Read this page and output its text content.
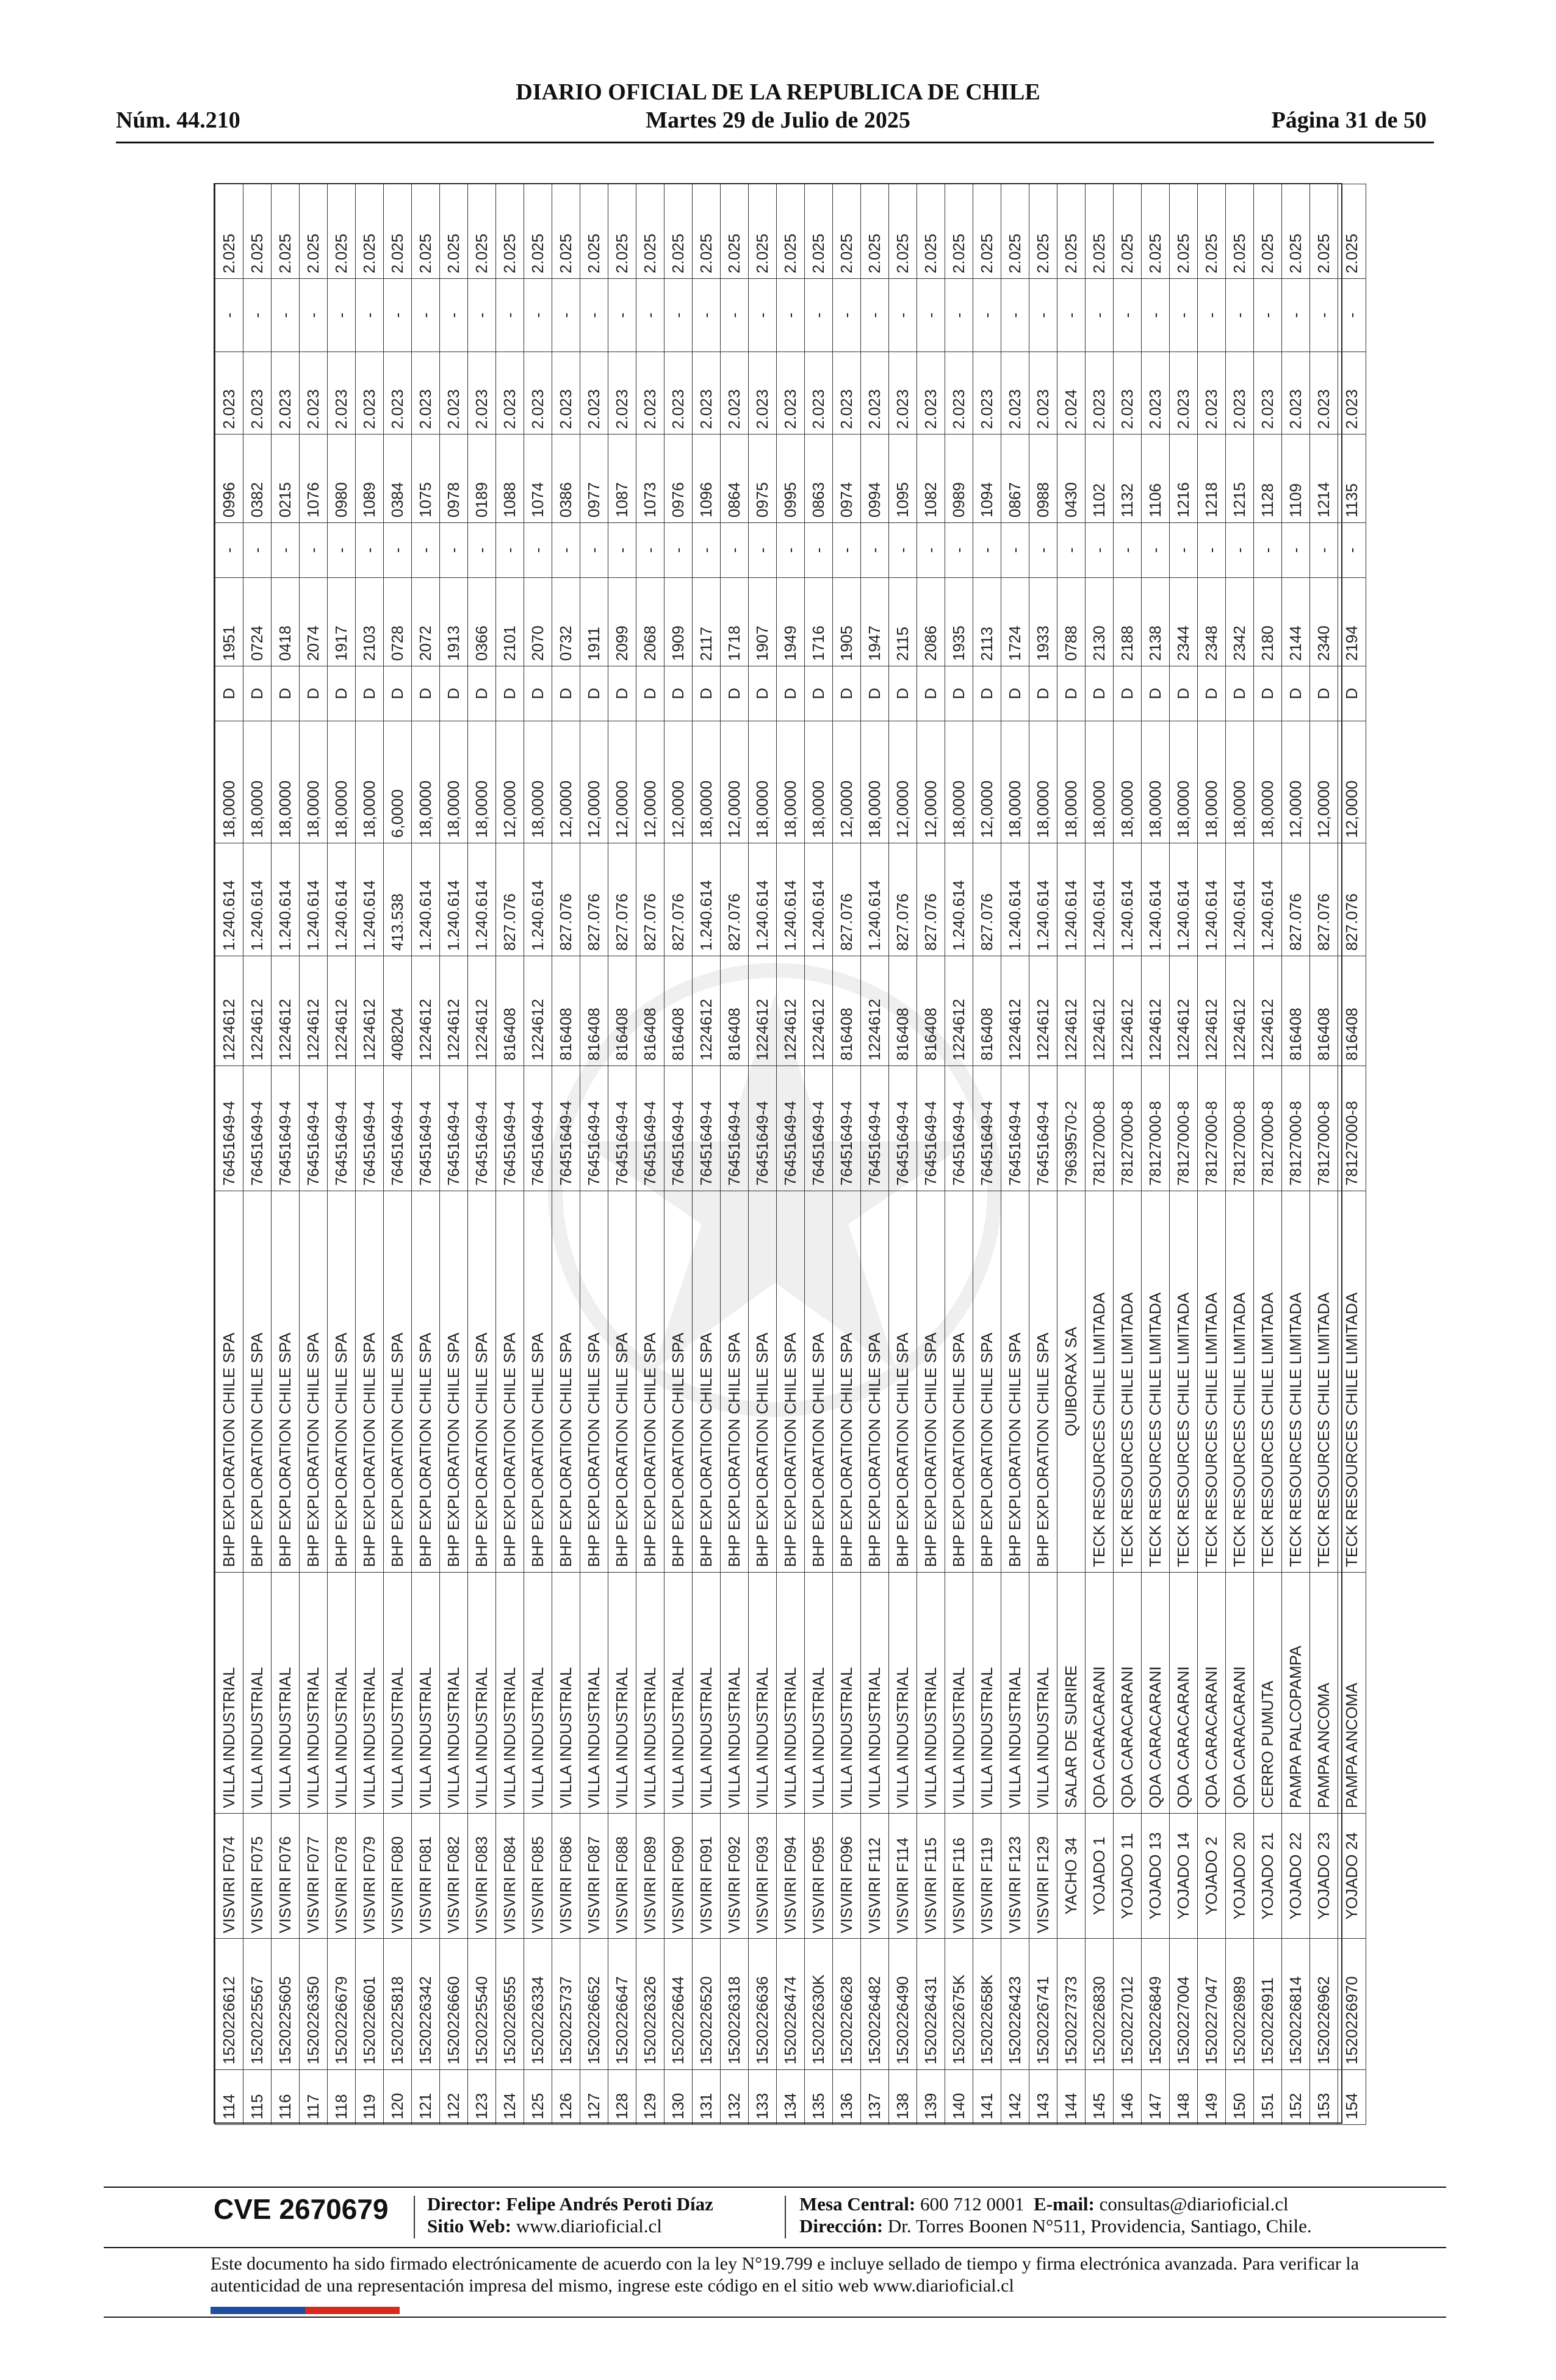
DIARIO OFICIAL DE LA REPUBLICA DE CHILE
Núm. 44.210	Martes 29 de Julio de 2025	Página 31 de 50
114	1520226612	VISVIRI F074	VILLA INDUSTRIAL	BHP EXPLORATION CHILE SPA	76451649-4	1224612	1.240.614	18,0000	D	1951	-	0996	2.023	-	2.025
115	1520225567	VISVIRI F075	VILLA INDUSTRIAL	BHP EXPLORATION CHILE SPA	76451649-4	1224612	1.240.614	18,0000	D	0724	-	0382	2.023	-	2.025
116	1520225605	VISVIRI F076	VILLA INDUSTRIAL	BHP EXPLORATION CHILE SPA	76451649-4	1224612	1.240.614	18,0000	D	0418	-	0215	2.023	-	2.025
117	1520226350	VISVIRI F077	VILLA INDUSTRIAL	BHP EXPLORATION CHILE SPA	76451649-4	1224612	1.240.614	18,0000	D	2074	-	1076	2.023	-	2.025
118	1520226679	VISVIRI F078	VILLA INDUSTRIAL	BHP EXPLORATION CHILE SPA	76451649-4	1224612	1.240.614	18,0000	D	1917	-	0980	2.023	-	2.025
119	1520226601	VISVIRI F079	VILLA INDUSTRIAL	BHP EXPLORATION CHILE SPA	76451649-4	1224612	1.240.614	18,0000	D	2103	-	1089	2.023	-	2.025
120	1520225818	VISVIRI F080	VILLA INDUSTRIAL	BHP EXPLORATION CHILE SPA	76451649-4	408204	413.538	6,0000	D	0728	-	0384	2.023	-	2.025
121	1520226342	VISVIRI F081	VILLA INDUSTRIAL	BHP EXPLORATION CHILE SPA	76451649-4	1224612	1.240.614	18,0000	D	2072	-	1075	2.023	-	2.025
122	1520226660	VISVIRI F082	VILLA INDUSTRIAL	BHP EXPLORATION CHILE SPA	76451649-4	1224612	1.240.614	18,0000	D	1913	-	0978	2.023	-	2.025
123	1520225540	VISVIRI F083	VILLA INDUSTRIAL	BHP EXPLORATION CHILE SPA	76451649-4	1224612	1.240.614	18,0000	D	0366	-	0189	2.023	-	2.025
124	1520226555	VISVIRI F084	VILLA INDUSTRIAL	BHP EXPLORATION CHILE SPA	76451649-4	816408	827.076	12,0000	D	2101	-	1088	2.023	-	2.025
125	1520226334	VISVIRI F085	VILLA INDUSTRIAL	BHP EXPLORATION CHILE SPA	76451649-4	1224612	1.240.614	18,0000	D	2070	-	1074	2.023	-	2.025
126	1520225737	VISVIRI F086	VILLA INDUSTRIAL	BHP EXPLORATION CHILE SPA	76451649-4	816408	827.076	12,0000	D	0732	-	0386	2.023	-	2.025
127	1520226652	VISVIRI F087	VILLA INDUSTRIAL	BHP EXPLORATION CHILE SPA	76451649-4	816408	827.076	12,0000	D	1911	-	0977	2.023	-	2.025
128	1520226647	VISVIRI F088	VILLA INDUSTRIAL	BHP EXPLORATION CHILE SPA	76451649-4	816408	827.076	12,0000	D	2099	-	1087	2.023	-	2.025
129	1520226326	VISVIRI F089	VILLA INDUSTRIAL	BHP EXPLORATION CHILE SPA	76451649-4	816408	827.076	12,0000	D	2068	-	1073	2.023	-	2.025
130	1520226644	VISVIRI F090	VILLA INDUSTRIAL	BHP EXPLORATION CHILE SPA	76451649-4	816408	827.076	12,0000	D	1909	-	0976	2.023	-	2.025
131	1520226520	VISVIRI F091	VILLA INDUSTRIAL	BHP EXPLORATION CHILE SPA	76451649-4	1224612	1.240.614	18,0000	D	2117	-	1096	2.023	-	2.025
132	1520226318	VISVIRI F092	VILLA INDUSTRIAL	BHP EXPLORATION CHILE SPA	76451649-4	816408	827.076	12,0000	D	1718	-	0864	2.023	-	2.025
133	1520226636	VISVIRI F093	VILLA INDUSTRIAL	BHP EXPLORATION CHILE SPA	76451649-4	1224612	1.240.614	18,0000	D	1907	-	0975	2.023	-	2.025
134	1520226474	VISVIRI F094	VILLA INDUSTRIAL	BHP EXPLORATION CHILE SPA	76451649-4	1224612	1.240.614	18,0000	D	1949	-	0995	2.023	-	2.025
135	152022630K	VISVIRI F095	VILLA INDUSTRIAL	BHP EXPLORATION CHILE SPA	76451649-4	1224612	1.240.614	18,0000	D	1716	-	0863	2.023	-	2.025
136	1520226628	VISVIRI F096	VILLA INDUSTRIAL	BHP EXPLORATION CHILE SPA	76451649-4	816408	827.076	12,0000	D	1905	-	0974	2.023	-	2.025
137	1520226482	VISVIRI F112	VILLA INDUSTRIAL	BHP EXPLORATION CHILE SPA	76451649-4	1224612	1.240.614	18,0000	D	1947	-	0994	2.023	-	2.025
138	1520226490	VISVIRI F114	VILLA INDUSTRIAL	BHP EXPLORATION CHILE SPA	76451649-4	816408	827.076	12,0000	D	2115	-	1095	2.023	-	2.025
139	1520226431	VISVIRI F115	VILLA INDUSTRIAL	BHP EXPLORATION CHILE SPA	76451649-4	816408	827.076	12,0000	D	2086	-	1082	2.023	-	2.025
140	152022675K	VISVIRI F116	VILLA INDUSTRIAL	BHP EXPLORATION CHILE SPA	76451649-4	1224612	1.240.614	18,0000	D	1935	-	0989	2.023	-	2.025
141	152022658K	VISVIRI F119	VILLA INDUSTRIAL	BHP EXPLORATION CHILE SPA	76451649-4	816408	827.076	12,0000	D	2113	-	1094	2.023	-	2.025
142	1520226423	VISVIRI F123	VILLA INDUSTRIAL	BHP EXPLORATION CHILE SPA	76451649-4	1224612	1.240.614	18,0000	D	1724	-	0867	2.023	-	2.025
143	1520226741	VISVIRI F129	VILLA INDUSTRIAL	BHP EXPLORATION CHILE SPA	76451649-4	1224612	1.240.614	18,0000	D	1933	-	0988	2.023	-	2.025
144	1520227373	YACHO 34	SALAR DE SURIRE	QUIBORAX SA	79639570-2	1224612	1.240.614	18,0000	D	0788	-	0430	2.024	-	2.025
145	1520226830	YOJADO 1	QDA CARACARANI	TECK RESOURCES CHILE LIMITADA	78127000-8	1224612	1.240.614	18,0000	D	2130	-	1102	2.023	-	2.025
146	1520227012	YOJADO 11	QDA CARACARANI	TECK RESOURCES CHILE LIMITADA	78127000-8	1224612	1.240.614	18,0000	D	2188	-	1132	2.023	-	2.025
147	1520226849	YOJADO 13	QDA CARACARANI	TECK RESOURCES CHILE LIMITADA	78127000-8	1224612	1.240.614	18,0000	D	2138	-	1106	2.023	-	2.025
148	1520227004	YOJADO 14	QDA CARACARANI	TECK RESOURCES CHILE LIMITADA	78127000-8	1224612	1.240.614	18,0000	D	2344	-	1216	2.023	-	2.025
149	1520227047	YOJADO 2	QDA CARACARANI	TECK RESOURCES CHILE LIMITADA	78127000-8	1224612	1.240.614	18,0000	D	2348	-	1218	2.023	-	2.025
150	1520226989	YOJADO 20	QDA CARACARANI	TECK RESOURCES CHILE LIMITADA	78127000-8	1224612	1.240.614	18,0000	D	2342	-	1215	2.023	-	2.025
151	1520226911	YOJADO 21	CERRO PUMUTA	TECK RESOURCES CHILE LIMITADA	78127000-8	1224612	1.240.614	18,0000	D	2180	-	1128	2.023	-	2.025
152	1520226814	YOJADO 22	PAMPA PALCOPAMPA	TECK RESOURCES CHILE LIMITADA	78127000-8	816408	827.076	12,0000	D	2144	-	1109	2.023	-	2.025
153	1520226962	YOJADO 23	PAMPA ANCOMA	TECK RESOURCES CHILE LIMITADA	78127000-8	816408	827.076	12,0000	D	2340	-	1214	2.023	-	2.025
154	1520226970	YOJADO 24	PAMPA ANCOMA	TECK RESOURCES CHILE LIMITADA	78127000-8	816408	827.076	12,0000	D	2194	-	1135	2.023	-	2.025
CVE 2670679 Director: Felipe Andrés Peroti Díaz
Sitio Web: www.diarioficial.cl
Mesa Central: 600 712 0001 E-mail: consultas@diarioficial.cl
Dirección: Dr. Torres Boonen N°511, Providencia, Santiago, Chile.
Este documento ha sido firmado electrónicamente de acuerdo con la ley N°19.799 e incluye sellado de tiempo y firma electrónica avanzada. Para verificar la autenticidad de una representación impresa del mismo, ingrese este código en el sitio web www.diarioficial.cl
